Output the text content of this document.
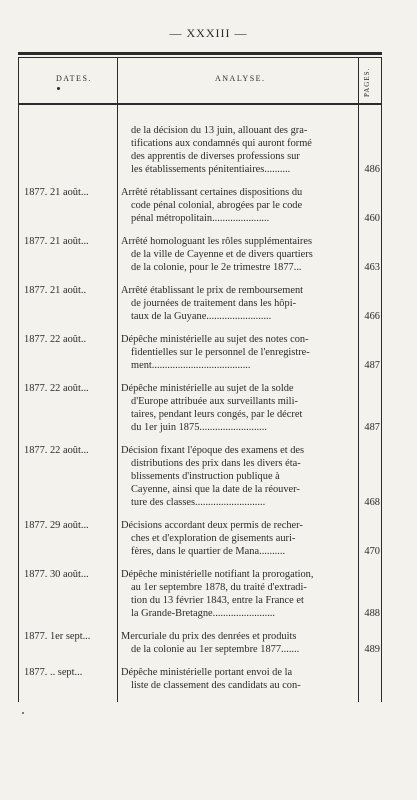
— XXXIII —
DATES.	ANALYSE.	PAGES.
de la décision du 13 juin, allouant des gra-
tifications aux condamnés qui auront formé
des apprentis de diverses professions sur
les établissements pénitentiaires..........	486
1877. 21 août...	Arrêté rétablissant certaines dispositions du
code pénal colonial, abrogées par le code
pénal métropolitain......................	460
1877. 21 août...	Arrêté homologuant les rôles supplémentaires
de la ville de Cayenne et de divers quartiers
de la colonie, pour le 2e trimestre 1877...	463
1877. 21 août..	Arrêté établissant le prix de remboursement
de journées de traitement dans les hôpi-
taux de la Guyane.........................	466
1877. 22 août..	Dépêche ministérielle au sujet des notes con-
fidentielles sur le personnel de l'enregistre-
ment......................................	487
1877. 22 août...	Dépêche ministérielle au sujet de la solde
d'Europe attribuée aux surveillants mili-
taires, pendant leurs congés, par le décret
du 1er juin 1875..........................	487
1877. 22 août...	Décision fixant l'époque des examens et des
distributions des prix dans les divers éta-
blissements d'instruction publique à
Cayenne, ainsi que la date de la réouver-
ture des classes...........................	468
1877. 29 août...	Décisions accordant deux permis de recher-
ches et d'exploration de gisements auri-
fères, dans le quartier de Mana..........	470
1877. 30 août...	Dépêche ministérielle notifiant la prorogation,
au 1er septembre 1878, du traité d'extradi-
tion du 13 février 1843, entre la France et
la Grande-Bretagne........................	488
1877. 1er sept...	Mercuriale du prix des denrées et produits
de la colonie au 1er septembre 1877.......	489
1877. .. sept...	Dépêche ministérielle portant envoi de la
liste de classement des candidats au con-
